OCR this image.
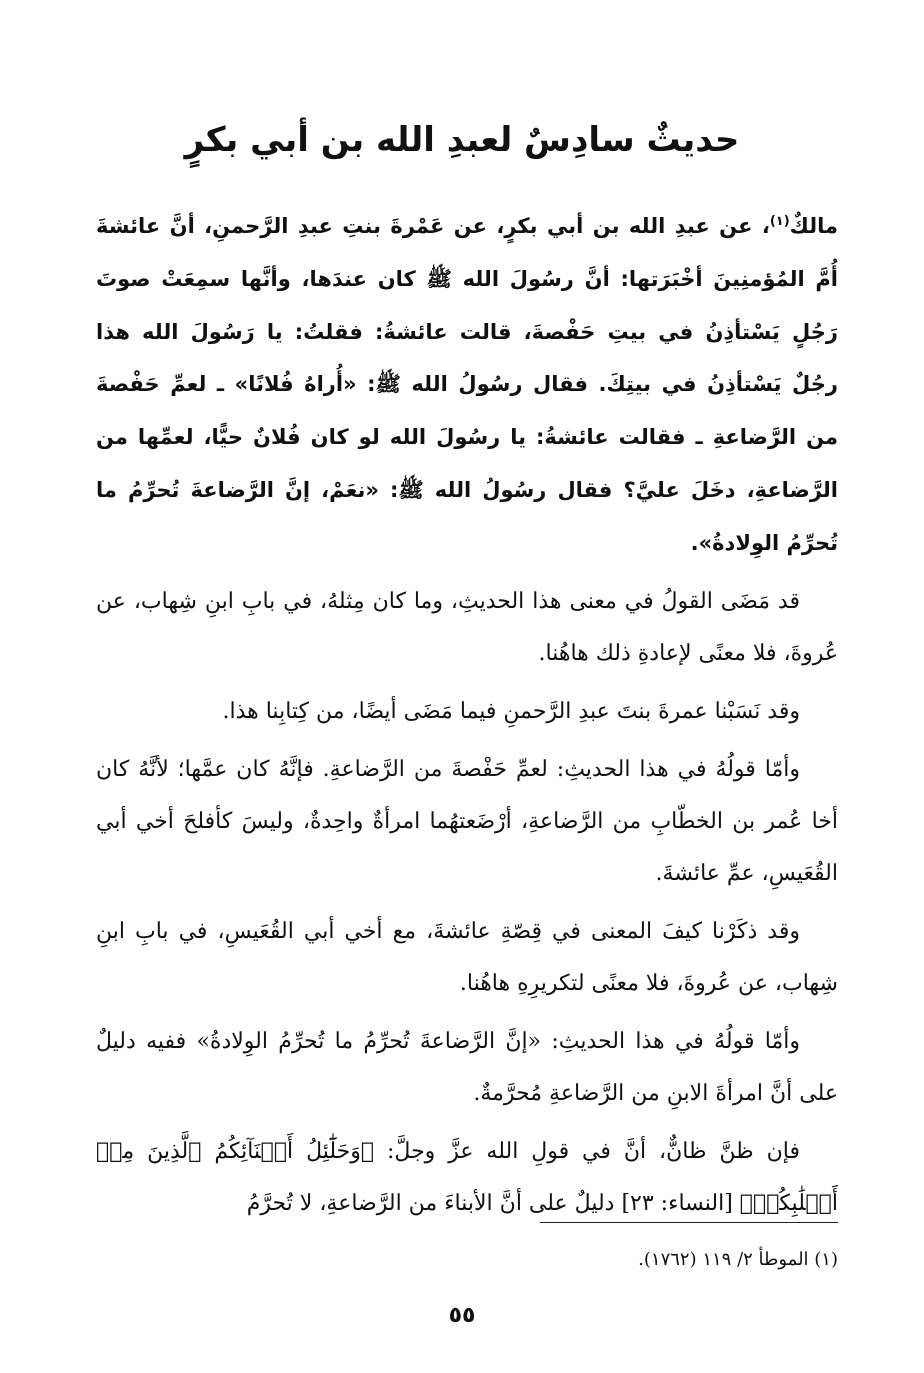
حديثٌ سادِسٌ لعبدِ الله بن أبي بكرٍ

مالكٌ$^{(١)}$، عن عبدِ الله بن أبي بكرٍ، عن عَمْرةَ بنتِ عبدِ الرَّحمنِ، أنَّ عائشةَ أُمَّ المُؤمنِينَ أخْبَرَتها: أنَّ رسُولَ الله ﷺ كان عندَها، وأنَّها سمِعَتْ صوتَ رَجُلٍ يَسْتأذِنُ في بيتِ حَفْصةَ، قالت عائشةُ: فقلتُ: يا رَسُولَ الله هذا رجُلٌ يَسْتأذِنُ في بيتِكَ. فقال رسُولُ الله ﷺ: «أُراهُ فُلانًا» ـ لعمِّ حَفْصةَ من الرَّضاعةِ ـ فقالت عائشةُ: يا رسُولَ الله لو كان فُلانٌ حيًّا، لعمِّها من الرَّضاعةِ، دخَلَ عليَّ؟ فقال رسُولُ الله ﷺ: «نعَمْ، إنَّ الرَّضاعةَ تُحرِّمُ ما تُحرِّمُ الوِلادةُ».

قد مَضَى القولُ في معنى هذا الحديثِ، وما كان مِثلهُ، في بابِ ابنِ شِهاب، عن عُروةَ، فلا معنًى لإعادةِ ذلك هاهُنا.

وقد نَسَبْنا عمرةَ بنتَ عبدِ الرَّحمنِ فيما مَضَى أيضًا، من كِتابِنا هذا.

وأمّا قولُهُ في هذا الحديثِ: لعمِّ حَفْصةَ من الرَّضاعةِ. فإنَّهُ كان عمَّها؛ لأنَّهُ كان أخا عُمر بن الخطّابِ من الرَّضاعةِ، أرْضَعتهُما امرأةٌ واحِدةٌ، وليسَ كأفلحَ أخي أبي القُعَيسِ، عمِّ عائشةَ.

وقد ذكَرْنا كيفَ المعنى في قِصّةِ عائشةَ، مع أخي أبي القُعَيسِ، في بابِ ابنِ شِهاب، عن عُروةَ، فلا معنًى لتكريرِهِ هاهُنا.

وأمّا قولُهُ في هذا الحديثِ: «إنَّ الرَّضاعةَ تُحرِّمُ ما تُحرِّمُ الوِلادةُ» ففيه دليلٌ على أنَّ امرأةَ الابنِ من الرَّضاعةِ مُحرَّمةٌ.

فإن ظنَّ ظانٌّ، أنَّ في قولِ الله عزَّ وجلَّ: ﴿وَحَلَٰٓئِلُ أَبۡنَآئِكُمُ ٱلَّذِينَ مِنۡ أَصۡلَٰبِكُمۡ﴾ [النساء: ٢٣] دليلٌ على أنَّ الأبناءَ من الرَّضاعةِ، لا تُحرَّمُ

(١) الموطأ ٢/ ١١٩ (١٧٦٢).

٥٥
